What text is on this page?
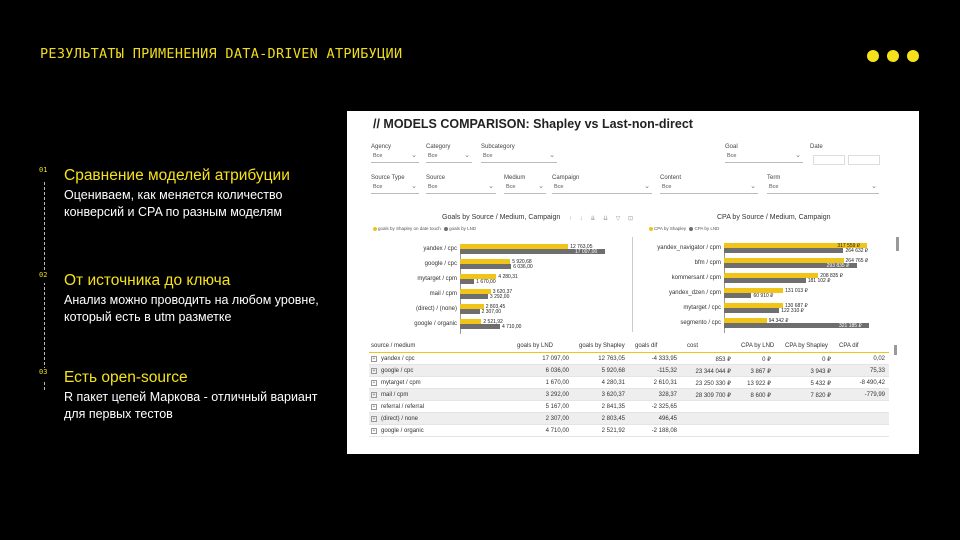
РЕЗУЛЬТАТЫ ПРИМЕНЕНИЯ DATA-DRIVEN АТРИБУЦИИ
01 Сравнение моделей атрибуции
Оцениваем, как меняется количество конверсий и CPA по разным моделям
02 От источника до ключа
Анализ можно проводить на любом уровне, который есть в utm разметке
03 Есть open-source
R пакет цепей Маркова - отличный вариант для первых тестов
// MODELS COMPARISON: Shapley vs Last-non-direct
Agency
Все	⌄
Category
Все	⌄
Subcategory
Все	⌄
Goal
Все	⌄
Date
Source Type
Все	⌄
Source
Все	⌄
Medium
Все	⌄
Campaign
Все	⌄
Content
Все	⌄
Term
Все	⌄
Goals by Source / Medium, Campaign ↑ ↓ ⇊ ⇊ ▽ ⊡
goals by Shapley on date touch goals by LND
yandex / cpc	12 763,05
17 097,00
google / cpc	5 920,68
6 036,00
mytarget / cpm	4 280,31
1 670,00
mail / cpm	3 620,37
3 292,00
(direct) / (none)	2 803,45
2 307,00
google / organic	2 521,92
4 710,00
CPA by Source / Medium, Campaign
CPA by Shapley CPA by LND
yandex_navigator / cpm	317 559 ₽
264 632 ₽
bfm / cpm	264 765 ₽
293 835 ₽
kommersant / cpm	208 835 ₽
181 102 ₽
yandex_dzen / cpm	131 013 ₽
60 910 ₽
mytarget / cpc	130 687 ₽
122 310 ₽
segmento / cpc	94 342 ₽
321 185 ₽
source / medium	goals by LND	goals by Shapley goals dif	cost	CPA by LND CPA by Shapley CPA dif
+ yandex / cpc	17 097,00	12 763,05	-4 333,95	853 ₽	0 ₽	0 ₽	0,02
+ google / cpc	6 036,00	5 920,68	-115,32	23 344 044 ₽	3 867 ₽	3 943 ₽	75,33
+ mytarget / cpm	1 670,00	4 280,31	2 610,31	23 250 330 ₽	13 922 ₽	5 432 ₽	-8 490,42
+ mail / cpm	3 292,00	3 620,37	328,37	28 309 700 ₽	8 600 ₽	7 820 ₽	-779,99
+ referral / referral	5 167,00	2 841,35	-2 325,65
+ (direct) / none	2 307,00	2 803,45	496,45
+ google / organic	4 710,00	2 521,92	-2 188,08
